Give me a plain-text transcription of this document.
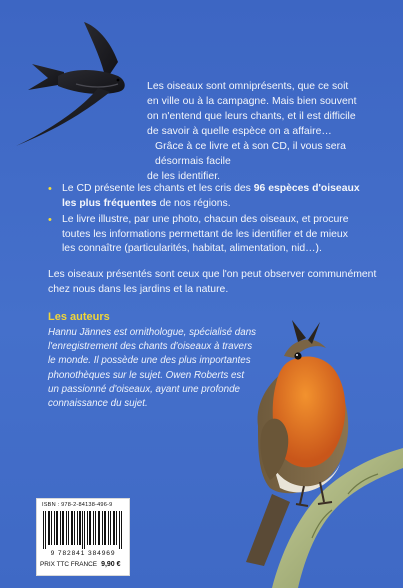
Les oiseaux sont omniprésents, que ce soit

en ville ou à la campagne. Mais bien souvent

on n'entend que leurs chants, et il est difficile

de savoir à quelle espèce on a affaire…

Grâce à ce livre et à son CD, il vous sera désormais facile

de les identifier.

• Le CD présente les chants et les cris des 96 espèces d'oiseaux
les plus fréquentes de nos régions.
• Le livre illustre, par une photo, chacun des oiseaux, et procure
toutes les informations permettant de les identifier et de mieux
les connaître (particularités, habitat, alimentation, nid…).
Les oiseaux présentés sont ceux que l'on peut observer communément
chez nous dans les jardins et la nature.
Les auteurs
Hannu Jännes est ornithologue, spécialisé dans
l'enregistrement des chants d'oiseaux à travers
le monde. Il possède une des plus importantes
phonothèques sur le sujet. Owen Roberts est
un passionné d'oiseaux, ayant une profonde
connaissance du sujet.
ISBN : 978-2-84138-496-9
9 782841 384969
PRIX TTC FRANCE 9,90 €
